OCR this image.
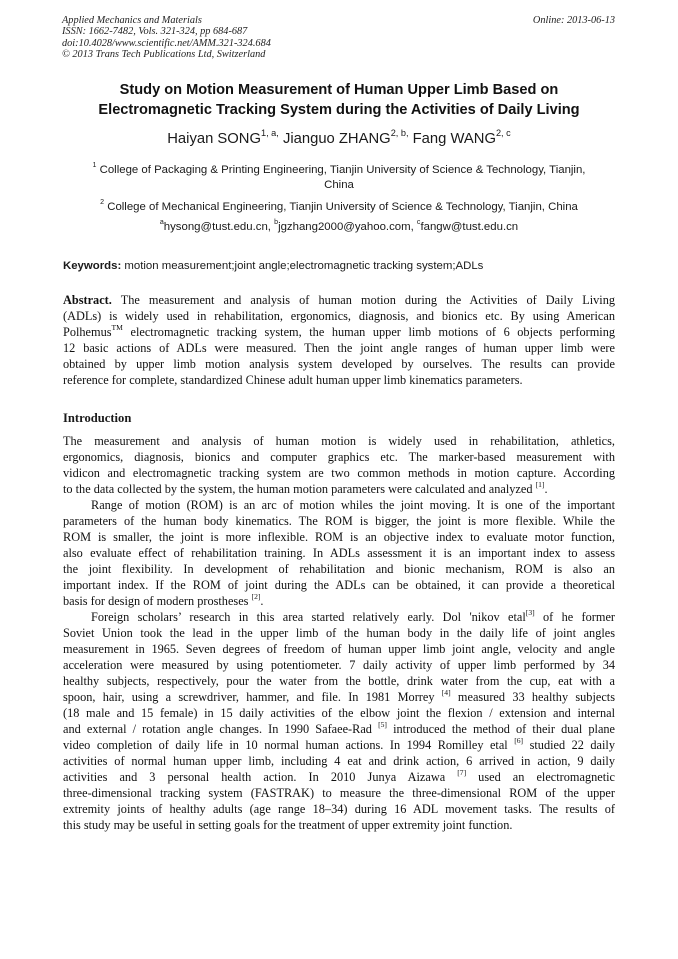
Applied Mechanics and Materials
ISSN: 1662-7482, Vols. 321-324, pp 684-687
doi:10.4028/www.scientific.net/AMM.321-324.684
© 2013 Trans Tech Publications Ltd, Switzerland
Online: 2013-06-13
Study on Motion Measurement of Human Upper Limb Based on
Electromagnetic Tracking System during the Activities of Daily Living
Haiyan $SONG^{1, a,}$ Jianguo $ZHANG^{2, b,}$ Fang WANG$^{2, c}$
$^1$ College of Packaging & Printing Engineering, Tianjin University of Science & Technology, Tianjin,
China
$^2$ College of Mechanical Engineering, Tianjin University of Science & Technology, Tianjin, China
$^a$hysong@tust.edu.cn, $^b$jgzhang2000@yahoo.com, $^c$fangw@tust.edu.cn
Keywords: motion measurement;joint angle;electromagnetic tracking system;ADLs
Abstract. The measurement and analysis of human motion during the Activities of Daily Living
(ADLs) is widely used in rehabilitation, ergonomics, diagnosis, and bionics etc. By using American
Polhemus™ electromagnetic tracking system, the human upper limb motions of 6 objects performing
12 basic actions of ADLs were measured. Then the joint angle ranges of human upper limb were
obtained by upper limb motion analysis system developed by ourselves. The results can provide
reference for complete, standardized Chinese adult human upper limb kinematics parameters.
Introduction
The measurement and analysis of human motion is widely used in rehabilitation, athletics,
ergonomics, diagnosis, bionics and computer graphics etc. The marker-based measurement with
vidicon and electromagnetic tracking system are two common methods in motion capture. According
to the data collected by the system, the human motion parameters were calculated and analyzed [1].
Range of motion (ROM) is an arc of motion whiles the joint moving. It is one of the important
parameters of the human body kinematics. The ROM is bigger, the joint is more flexible. While the
ROM is smaller, the joint is more inflexible. ROM is an objective index to evaluate motor function,
also evaluate effect of rehabilitation training. In ADLs assessment it is an important index to assess
the joint flexibility. In development of rehabilitation and bionic mechanism, ROM is also an
important index. If the ROM of joint during the ADLs can be obtained, it can provide a theoretical
basis for design of modern prostheses [2].
Foreign scholars’ research in this area started relatively early. Dol 'nikov etal[3] of he former
Soviet Union took the lead in the upper limb of the human body in the daily life of joint angles
measurement in 1965. Seven degrees of freedom of human upper limb joint angle, velocity and angle
acceleration were measured by using potentiometer. 7 daily activity of upper limb performed by 34
healthy subjects, respectively, pour the water from the bottle, drink water from the cup, eat with a
spoon, hair, using a screwdriver, hammer, and file. In 1981 Morrey [4] measured 33 healthy subjects
(18 male and 15 female) in 15 daily activities of the elbow joint the flexion / extension and internal
and external / rotation angle changes. In 1990 Safaee-Rad [5] introduced the method of their dual plane
video completion of daily life in 10 normal human actions. In 1994 Romilley etal [6] studied 22 daily
activities of normal human upper limb, including 4 eat and drink action, 6 arrived in action, 9 daily
activities and 3 personal health action. In 2010 Junya Aizawa [7] used an electromagnetic
three-dimensional tracking system (FASTRAK) to measure the three-dimensional ROM of the upper
extremity joints of healthy adults (age range 18–34) during 16 ADL movement tasks. The results of
this study may be useful in setting goals for the treatment of upper extremity joint function.
